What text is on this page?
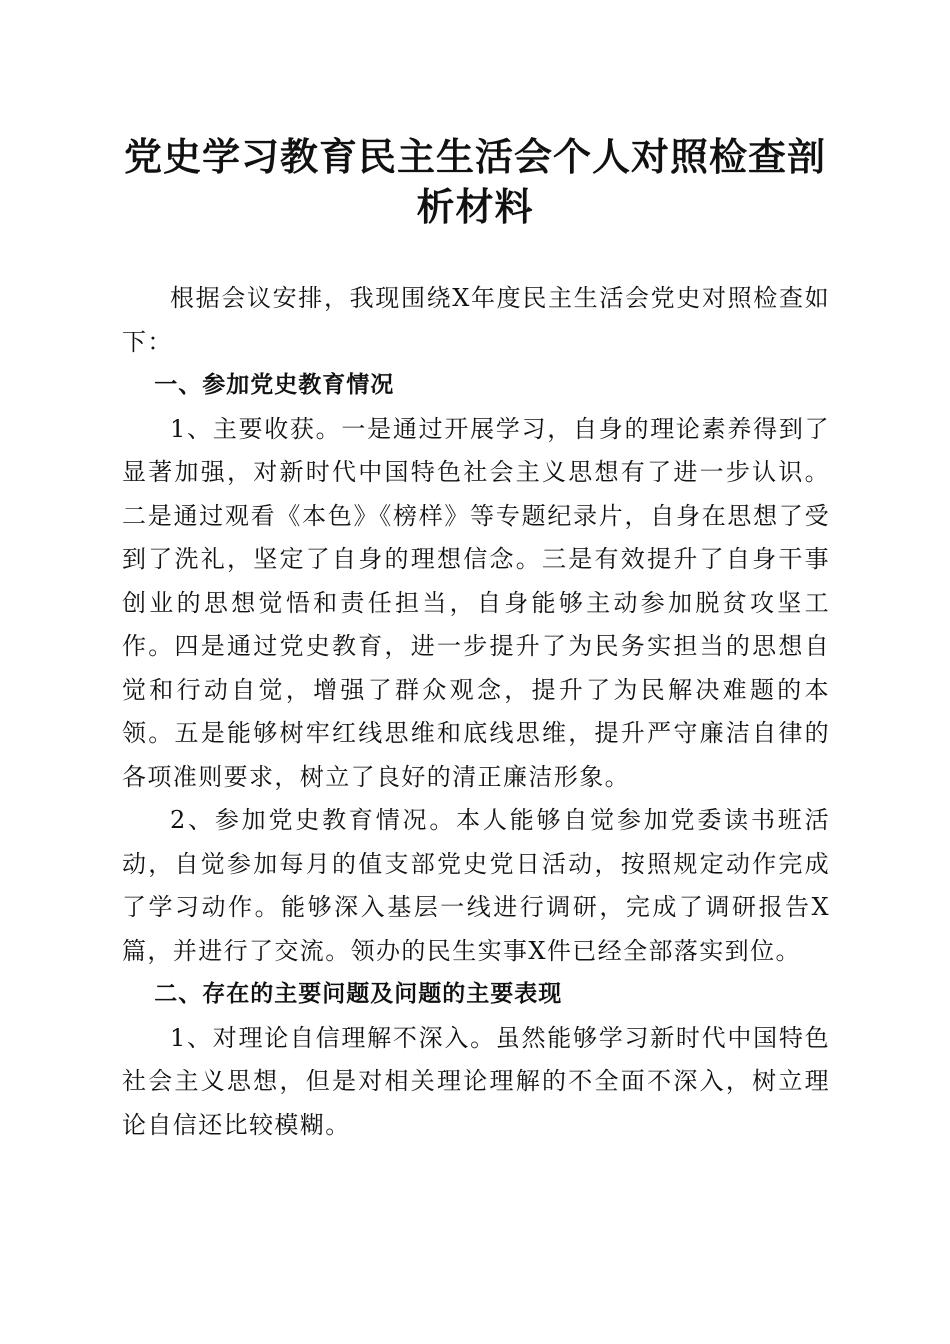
党史学习教育民主生活会个人对照检查剖析材料

根据会议安排，我现围绕X年度民主生活会党史对照检查如下：

一、参加党史教育情况

1、主要收获。一是通过开展学习，自身的理论素养得到了显著加强，对新时代中国特色社会主义思想有了进一步认识。二是通过观看《本色》《榜样》等专题纪录片，自身在思想了受到了洗礼，坚定了自身的理想信念。三是有效提升了自身干事创业的思想觉悟和责任担当，自身能够主动参加脱贫攻坚工作。四是通过党史教育，进一步提升了为民务实担当的思想自觉和行动自觉，增强了群众观念，提升了为民解决难题的本领。五是能够树牢红线思维和底线思维，提升严守廉洁自律的各项准则要求，树立了良好的清正廉洁形象。

2、参加党史教育情况。本人能够自觉参加党委读书班活动，自觉参加每月的值支部党史党日活动，按照规定动作完成了学习动作。能够深入基层一线进行调研，完成了调研报告X篇，并进行了交流。领办的民生实事X件已经全部落实到位。

二、存在的主要问题及问题的主要表现

1、对理论自信理解不深入。虽然能够学习新时代中国特色社会主义思想，但是对相关理论理解的不全面不深入，树立理论自信还比较模糊。
